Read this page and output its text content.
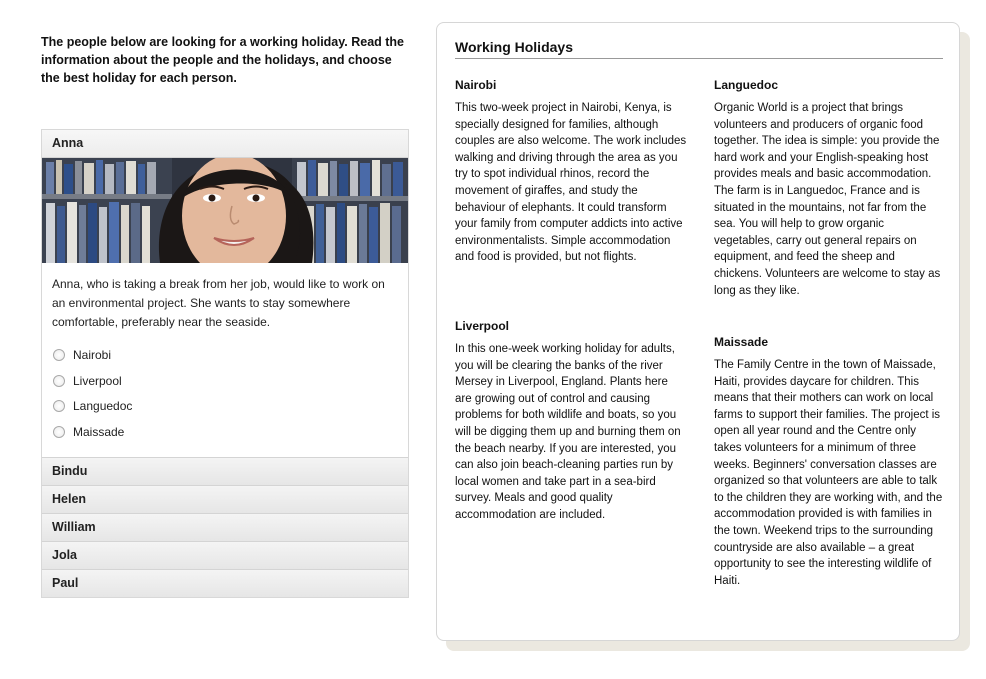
The people below are looking for a working holiday. Read the information about the people and the holidays, and choose the best holiday for each person.
Anna
Anna, who is taking a break from her job, would like to work on an environmental project. She wants to stay somewhere comfortable, preferably near the seaside.
Nairobi
Liverpool
Languedoc
Maissade
Bindu
Helen
William
Jola
Paul
Working Holidays
Nairobi

This two-week project in Nairobi, Kenya, is specially designed for families, although couples are also welcome. The work includes walking and driving through the area as you try to spot individual rhinos, record the movement of giraffes, and study the behaviour of elephants. It could transform your family from computer addicts into active environmentalists. Simple accommodation and food is provided, but not flights.

Languedoc

Organic World is a project that brings volunteers and producers of organic food together. The idea is simple: you provide the hard work and your English-speaking host provides meals and basic accommodation. The farm is in Languedoc, France and is situated in the mountains, not far from the sea. You will help to grow organic vegetables, carry out general repairs on equipment, and feed the sheep and chickens. Volunteers are welcome to stay as long as they like.

Liverpool

In this one-week working holiday for adults, you will be clearing the banks of the river Mersey in Liverpool, England. Plants here are growing out of control and causing problems for both wildlife and boats, so you will be digging them up and burning them on the beach nearby. If you are interested, you can also join beach-cleaning parties run by local women and take part in a sea-bird survey. Meals and good quality accommodation are included.

Maissade

The Family Centre in the town of Maissade, Haiti, provides daycare for children. This means that their mothers can work on local farms to support their families. The project is open all year round and the Centre only takes volunteers for a minimum of three weeks. Beginners' conversation classes are organized so that volunteers are able to talk to the children they are working with, and the accommodation provided is with families in the town. Weekend trips to the surrounding countryside are also available – a great opportunity to see the interesting wildlife of Haiti.
